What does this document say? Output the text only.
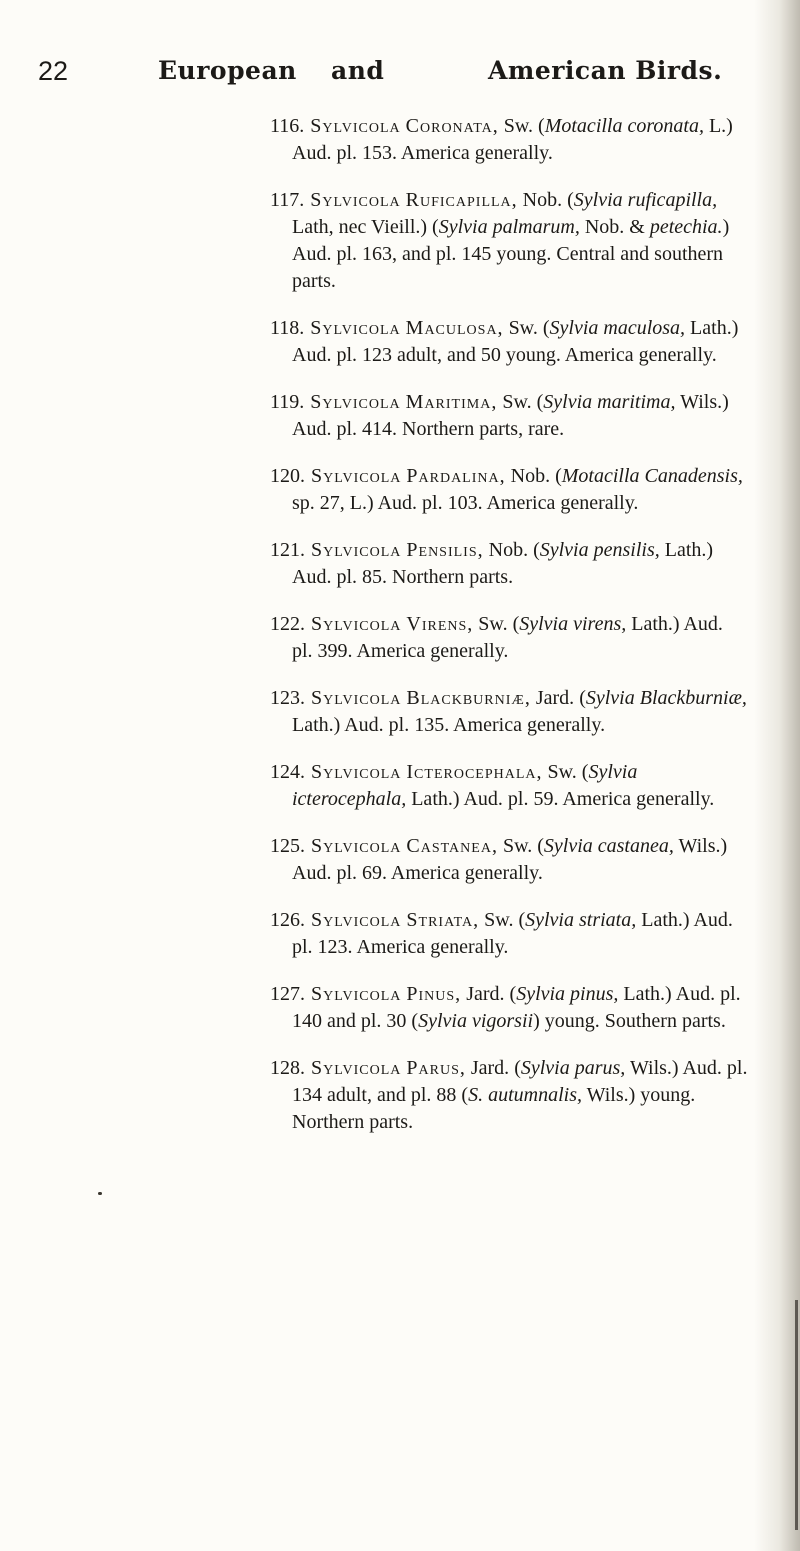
22	European and	American Birds.

116. Sylvicola Coronata, Sw. (Motacilla coronata, L.) Aud. pl. 153. America generally.

117. Sylvicola Ruficapilla, Nob. (Sylvia ruficapilla, Lath, nec Vieill.) (Sylvia palmarum, Nob. & petechia.) Aud. pl. 163, and pl. 145 young. Central and southern parts.

118. Sylvicola Maculosa, Sw. (Sylvia maculosa, Lath.) Aud. pl. 123 adult, and 50 young. America generally.

119. Sylvicola Maritima, Sw. (Sylvia maritima, Wils.) Aud. pl. 414. Northern parts, rare.

120. Sylvicola Pardalina, Nob. (Motacilla Canadensis, sp. 27, L.) Aud. pl. 103. America generally.

121. Sylvicola Pensilis, Nob. (Sylvia pensilis, Lath.) Aud. pl. 85. Northern parts.

122. Sylvicola Virens, Sw. (Sylvia virens, Lath.) Aud. pl. 399. America generally.

123. Sylvicola Blackburniæ, Jard. (Sylvia Blackburniæ, Lath.) Aud. pl. 135. America generally.

124. Sylvicola Icterocephala, Sw. (Sylvia icterocephala, Lath.) Aud. pl. 59. America generally.

125. Sylvicola Castanea, Sw. (Sylvia castanea, Wils.) Aud. pl. 69. America generally.

126. Sylvicola Striata, Sw. (Sylvia striata, Lath.) Aud. pl. 123. America generally.

127. Sylvicola Pinus, Jard. (Sylvia pinus, Lath.) Aud. pl. 140 and pl. 30 (Sylvia vigorsii) young. Southern parts.

128. Sylvicola Parus, Jard. (Sylvia parus, Wils.) Aud. pl. 134 adult, and pl. 88 (S. autumnalis, Wils.) young. Northern parts.
